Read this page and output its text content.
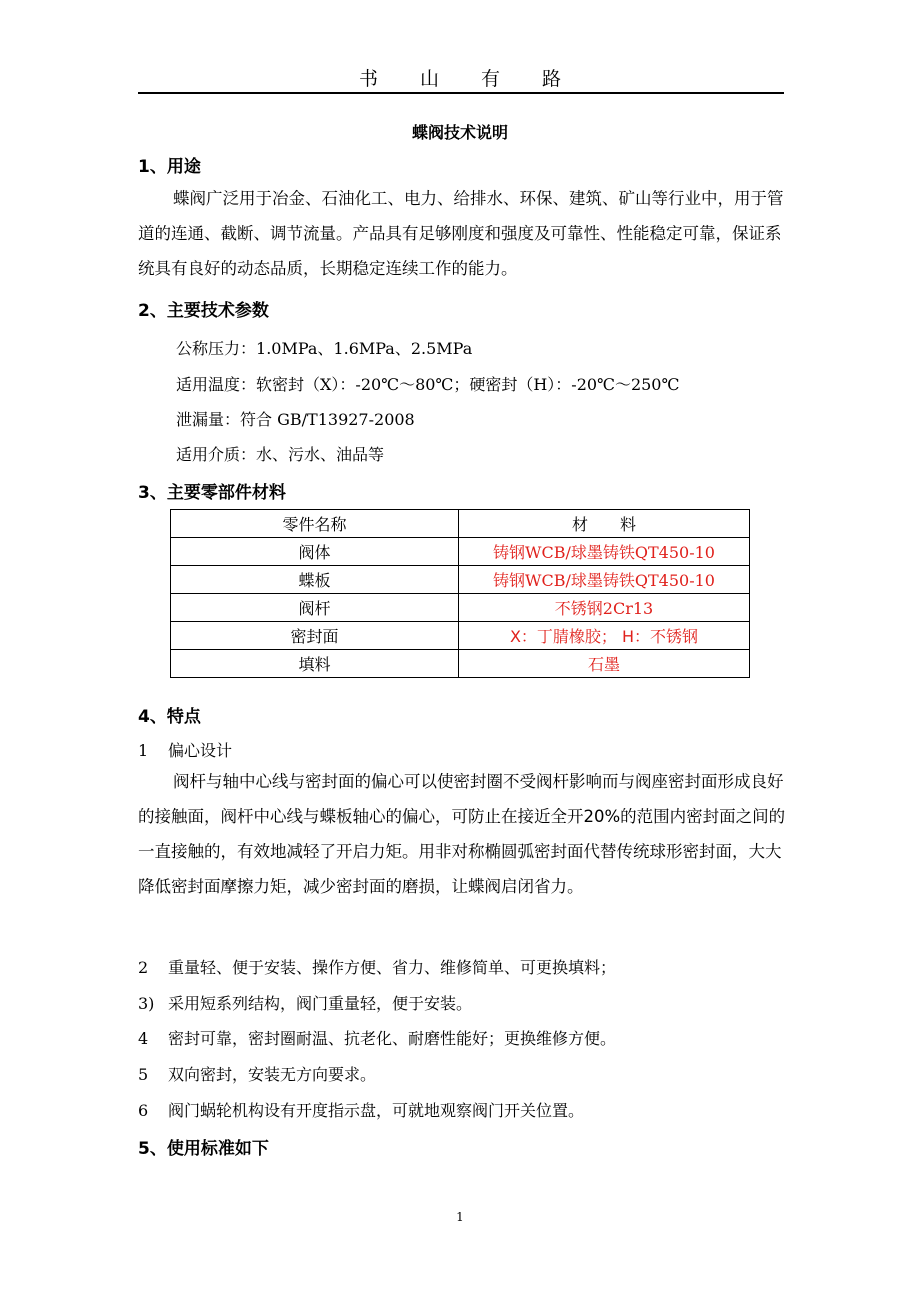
书 山 有 路
蝶阀技术说明
1、用途
蝶阀广泛用于冶金、石油化工、电力、给排水、环保、建筑、矿山等行业中，用于管道的连通、截断、调节流量。产品具有足够刚度和强度及可靠性、性能稳定可靠，保证系统具有良好的动态品质，长期稳定连续工作的能力。
2、主要技术参数
公称压力：1.0MPa、1.6MPa、2.5MPa
适用温度：软密封（X）：-20℃～80℃；硬密封（H）：-20℃～250℃
泄漏量：符合 GB/T13927-2008
适用介质：水、污水、油品等
3、主要零部件材料
零件名称	材　　料
阀体	铸钢WCB/球墨铸铁QT450-10
蝶板	铸钢WCB/球墨铸铁QT450-10
阀杆	不锈钢2Cr13
密封面	X：丁腈橡胶； H：不锈钢
填料	石墨
4、特点
1 偏心设计
阀杆与轴中心线与密封面的偏心可以使密封圈不受阀杆影响而与阀座密封面形成良好的接触面，阀杆中心线与蝶板轴心的偏心，可防止在接近全开20%的范围内密封面之间的一直接触的，有效地减轻了开启力矩。用非对称椭圆弧密封面代替传统球形密封面，大大降低密封面摩擦力矩，减少密封面的磨损，让蝶阀启闭省力。
2 重量轻、便于安装、操作方便、省力、维修简单、可更换填料；
3) 采用短系列结构，阀门重量轻，便于安装。
4 密封可靠，密封圈耐温、抗老化、耐磨性能好；更换维修方便。
5 双向密封，安装无方向要求。
6 阀门蜗轮机构设有开度指示盘，可就地观察阀门开关位置。
5、使用标准如下
1
